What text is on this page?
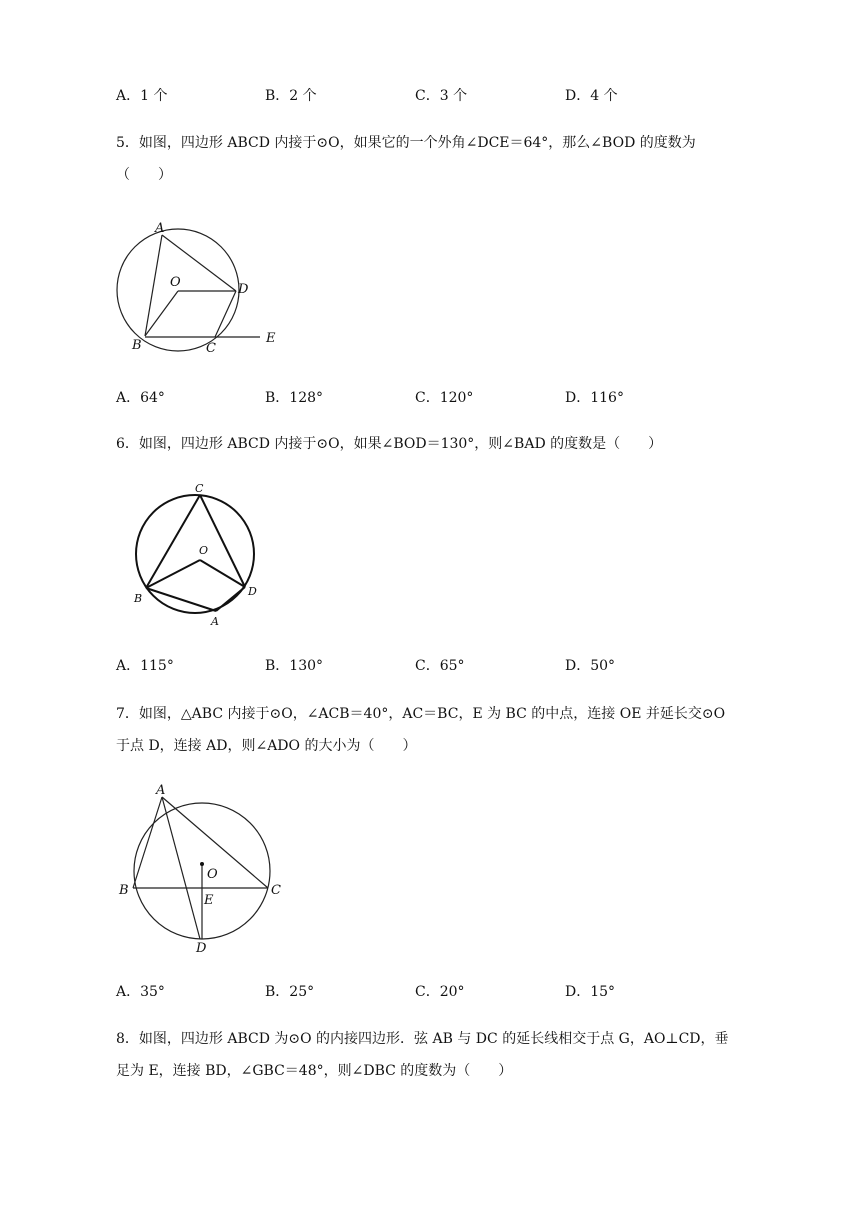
A．1 个	B．2 个	C．3 个	D．4 个
5．如图，四边形 ABCD 内接于⊙O，如果它的一个外角∠DCE＝64°，那么∠BOD 的度数为
（　　）
A
O	D
B	C
E
A．64°	B．128°	C．120°	D．116°
6．如图，四边形 ABCD 内接于⊙O，如果∠BOD＝130°，则∠BAD 的度数是（　　）
C
O
B
D
A
A．115°	B．130°	C．65°	D．50°
7．如图，△ABC 内接于⊙O，∠ACB＝40°，AC＝BC，E 为 BC 的中点，连接 OE 并延长交⊙O
于点 D，连接 AD，则∠ADO 的大小为（　　）
A
O
B
E
C
D
A．35°	B．25°	C．20°	D．15°
8．如图，四边形 ABCD 为⊙O 的内接四边形．弦 AB 与 DC 的延长线相交于点 G，AO⊥CD，垂
足为 E，连接 BD，∠GBC＝48°，则∠DBC 的度数为（　　）
